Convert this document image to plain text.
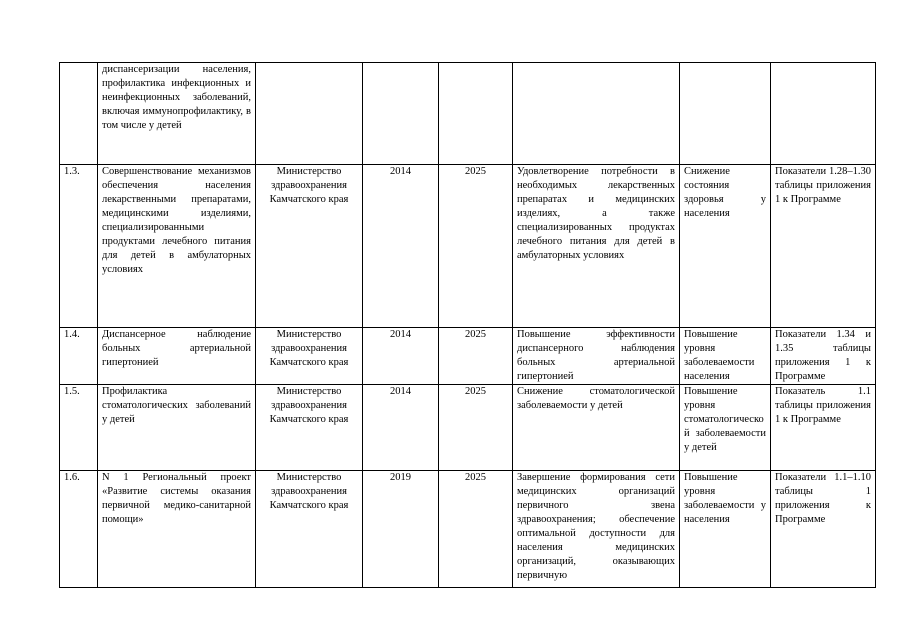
	диспансеризации населения, профилактика инфекционных и неинфекционных заболеваний, включая иммунопрофилактику, в том числе у детей						
1.3.	Совершенствование механизмов обеспечения населения лекарственными препаратами, медицинскими изделиями, специализированными продуктами лечебного питания для детей в амбулаторных условиях	Министерство здравоохранения Камчатского края	2014	2025	Удовлетворение потребности в необходимых лекарственных препаратах и медицинских изделиях, а также специализированных продуктах лечебного питания для детей в амбулаторных условиях	Снижение состояния здоровья у населения	Показатели 1.28–1.30 таблицы приложения 1 к Программе
1.4.	Диспансерное наблюдение больных артериальной гипертонией	Министерство здравоохранения Камчатского края	2014	2025	Повышение эффективности диспансерного наблюдения больных артериальной гипертонией	Повышение уровня заболеваемости населения	Показатели 1.34 и 1.35 таблицы приложения 1 к Программе
1.5.	Профилактика стоматологических заболеваний у детей	Министерство здравоохранения Камчатского края	2014	2025	Снижение стоматологической заболеваемости у детей	Повышение уровня стоматологической заболеваемости у детей	Показатель 1.1 таблицы приложения 1 к Программе
1.6.	N 1 Региональный проект «Развитие системы оказания первичной медико-санитарной помощи»	Министерство здравоохранения Камчатского края	2019	2025	Завершение формирования сети медицинских организаций первичного звена здравоохранения; обеспечение оптимальной доступности для населения медицинских организаций, оказывающих первичную	Повышение уровня заболеваемости у населения	Показатели 1.1–1.10 таблицы 1 приложения к Программе
